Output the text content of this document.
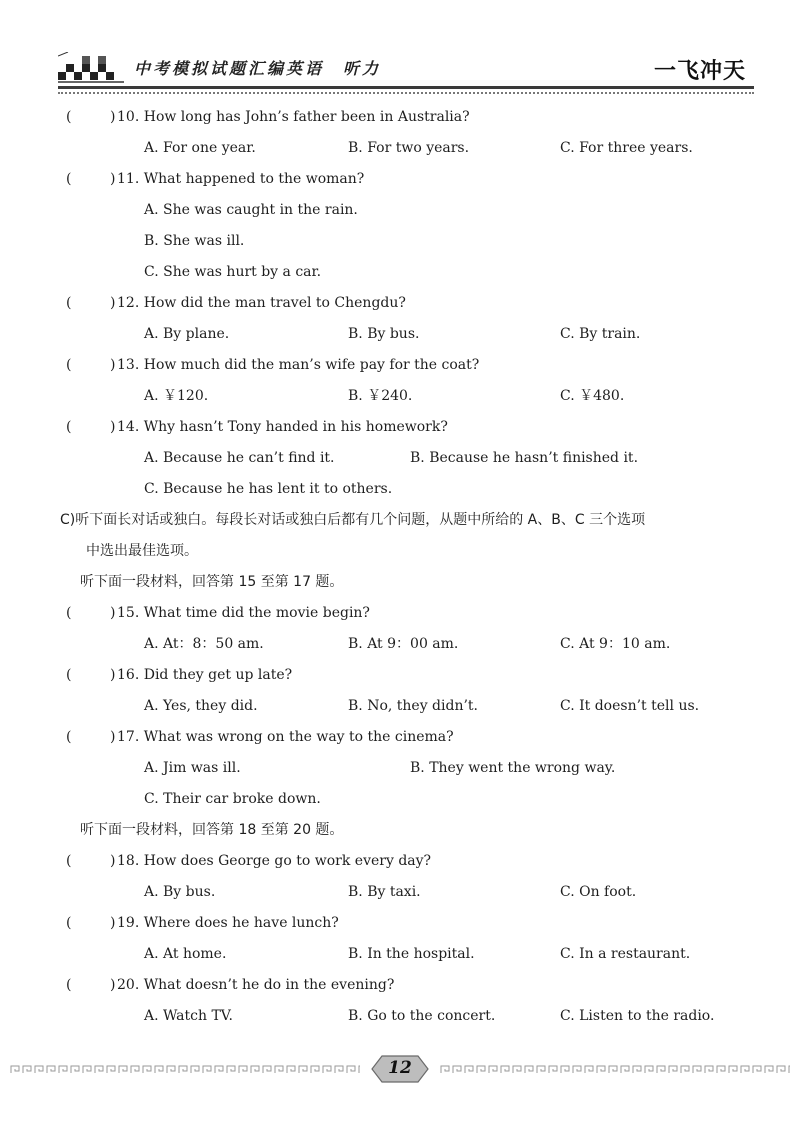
中考模拟试题汇编英语　听力	一飞冲天
(	) 10. How long has John’s father been in Australia?
A. For one year.	B. For two years.	C. For three years.
(	) 11. What happened to the woman?
A. She was caught in the rain.
B. She was ill.
C. She was hurt by a car.
(	) 12. How did the man travel to Chengdu?
A. By plane.	B. By bus.	C. By train.
(	) 13. How much did the man’s wife pay for the coat?
A. ￥120.	B. ￥240.	C. ￥480.
(	) 14. Why hasn’t Tony handed in his homework?
A. Because he can’t find it.	B. Because he hasn’t finished it.
C. Because he has lent it to others.
C)听下面长对话或独白。每段长对话或独白后都有几个问题，从题中所给的 A、B、C 三个选项
中选出最佳选项。
听下面一段材料，回答第 15 至第 17 题。
(	) 15. What time did the movie begin?
A. At：8：50 am.	B. At 9：00 am.	C. At 9：10 am.
(	) 16. Did they get up late?
A. Yes, they did.	B. No, they didn’t.	C. It doesn’t tell us.
(	) 17. What was wrong on the way to the cinema?
A. Jim was ill.	B. They went the wrong way.
C. Their car broke down.
听下面一段材料，回答第 18 至第 20 题。
(	) 18. How does George go to work every day?
A. By bus.	B. By taxi.	C. On foot.
(	) 19. Where does he have lunch?
A. At home.	B. In the hospital.	C. In a restaurant.
(	) 20. What doesn’t he do in the evening?
A. Watch TV.	B. Go to the concert.	C. Listen to the radio.
12
